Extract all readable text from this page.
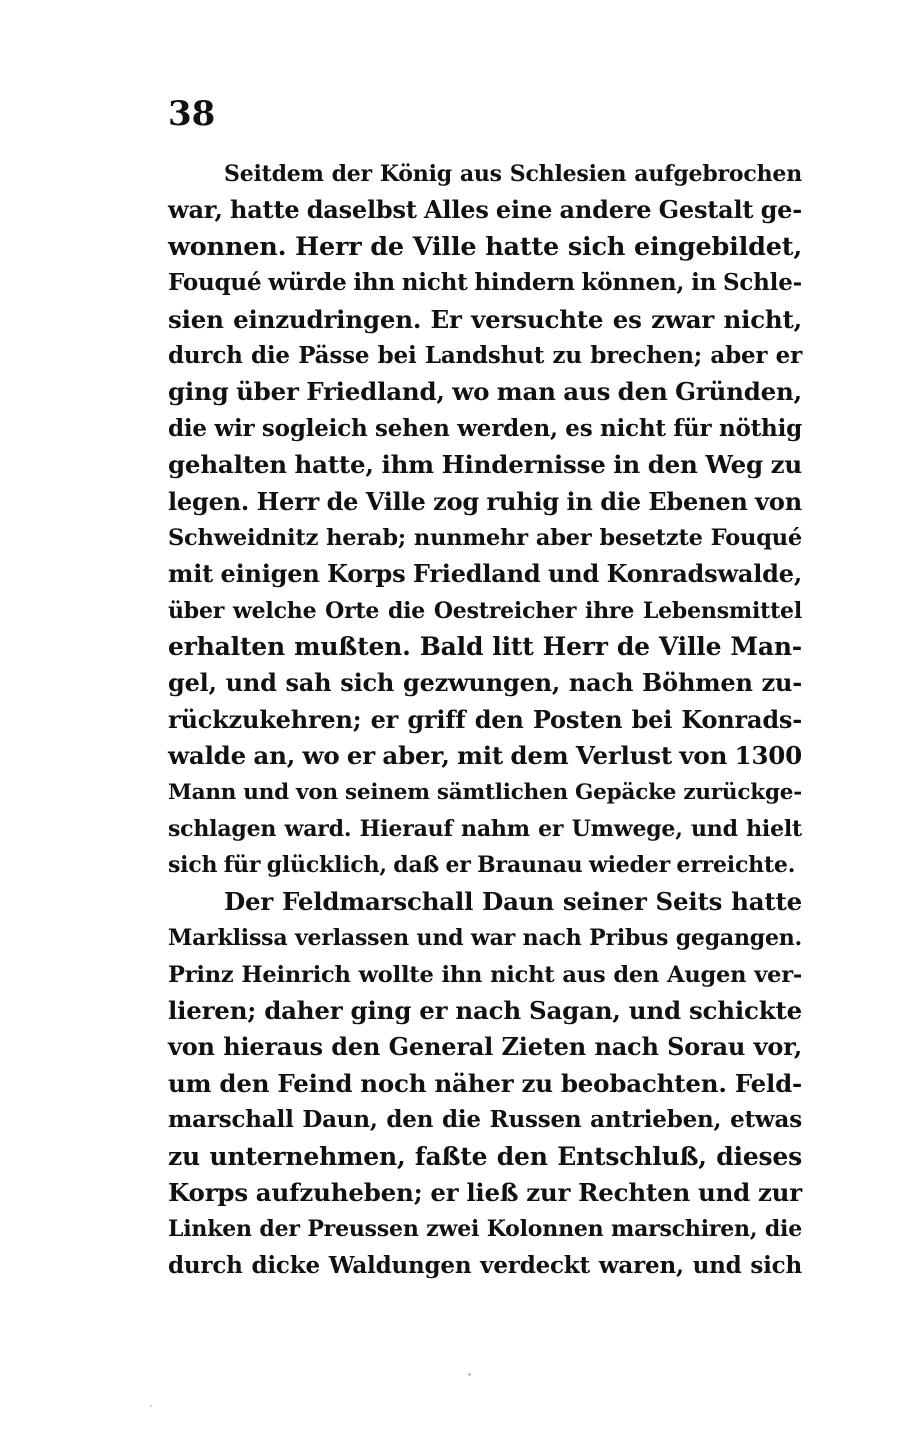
38
Seitdem der König aus Schlesien aufgebrochen
war, hatte daselbst Alles eine andere Gestalt ge-
wonnen. Herr de Ville hatte sich eingebildet,
Fouqué würde ihn nicht hindern können, in Schle-
sien einzudringen. Er versuchte es zwar nicht,
durch die Pässe bei Landshut zu brechen; aber er
ging über Friedland, wo man aus den Gründen,
die wir sogleich sehen werden, es nicht für nöthig
gehalten hatte, ihm Hindernisse in den Weg zu
legen. Herr de Ville zog ruhig in die Ebenen von
Schweidnitz herab; nunmehr aber besetzte Fouqué
mit einigen Korps Friedland und Konradswalde,
über welche Orte die Oestreicher ihre Lebensmittel
erhalten mußten. Bald litt Herr de Ville Man-
gel, und sah sich gezwungen, nach Böhmen zu-
rückzukehren; er griff den Posten bei Konrads-
walde an, wo er aber, mit dem Verlust von 1300
Mann und von seinem sämtlichen Gepäcke zurückge-
schlagen ward. Hierauf nahm er Umwege, und hielt
sich für glücklich, daß er Braunau wieder erreichte.
Der Feldmarschall Daun seiner Seits hatte
Marklissa verlassen und war nach Pribus gegangen.
Prinz Heinrich wollte ihn nicht aus den Augen ver-
lieren; daher ging er nach Sagan, und schickte
von hieraus den General Zieten nach Sorau vor,
um den Feind noch näher zu beobachten. Feld-
marschall Daun, den die Russen antrieben, etwas
zu unternehmen, faßte den Entschluß, dieses
Korps aufzuheben; er ließ zur Rechten und zur
Linken der Preussen zwei Kolonnen marschiren, die
durch dicke Waldungen verdeckt waren, und sich
